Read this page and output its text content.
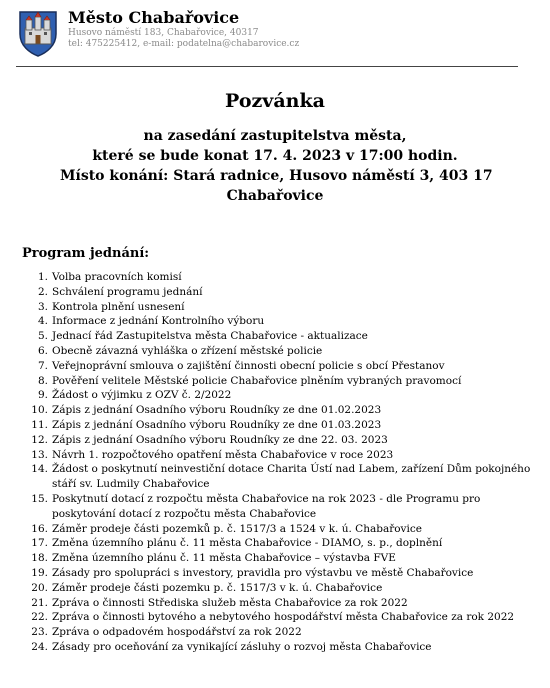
Město Chabařovice
Husovo náměstí 183, Chabařovice, 40317
tel: 475225412, e-mail: podatelna@chabarovice.cz
Pozvánka
na zasedání zastupitelstva města,
které se bude konat 17. 4. 2023 v 17:00 hodin.
Místo konání: Stará radnice, Husovo náměstí 3, 403 17
Chabařovice
Program jednání:
1. Volba pracovních komisí
2. Schválení programu jednání
3. Kontrola plnění usnesení
4. Informace z jednání Kontrolního výboru
5. Jednací řád Zastupitelstva města Chabařovice - aktualizace
6. Obecně závazná vyhláška o zřízení městské policie
7. Veřejnoprávní smlouva o zajištění činnosti obecní policie s obcí Přestanov
8. Pověření velitele Městské policie Chabařovice plněním vybraných pravomocí
9. Žádost o výjimku z OZV č. 2/2022
10. Zápis z jednání Osadního výboru Roudníky ze dne 01.02.2023
11. Zápis z jednání Osadního výboru Roudníky ze dne 01.03.2023
12. Zápis z jednání Osadního výboru Roudníky ze dne 22. 03. 2023
13. Návrh 1. rozpočtového opatření města Chabařovice v roce 2023
14. Žádost o poskytnutí neinvestiční dotace Charita Ústí nad Labem, zařízení Dům pokojného stáří sv. Ludmily Chabařovice
15. Poskytnutí dotací z rozpočtu města Chabařovice na rok 2023 - dle Programu pro poskytování dotací z rozpočtu města Chabařovice
16. Záměr prodeje části pozemků p. č. 1517/3 a 1524 v k. ú. Chabařovice
17. Změna územního plánu č. 11 města Chabařovice - DIAMO, s. p., doplnění
18. Změna územního plánu č. 11 města Chabařovice – výstavba FVE
19. Zásady pro spolupráci s investory, pravidla pro výstavbu ve městě Chabařovice
20. Záměr prodeje části pozemku p. č. 1517/3 v k. ú. Chabařovice
21. Zpráva o činnosti Střediska služeb města Chabařovice za rok 2022
22. Zpráva o činnosti bytového a nebytového hospodářství města Chabařovice za rok 2022
23. Zpráva o odpadovém hospodářství za rok 2022
24. Zásady pro oceňování za vynikající zásluhy o rozvoj města Chabařovice
